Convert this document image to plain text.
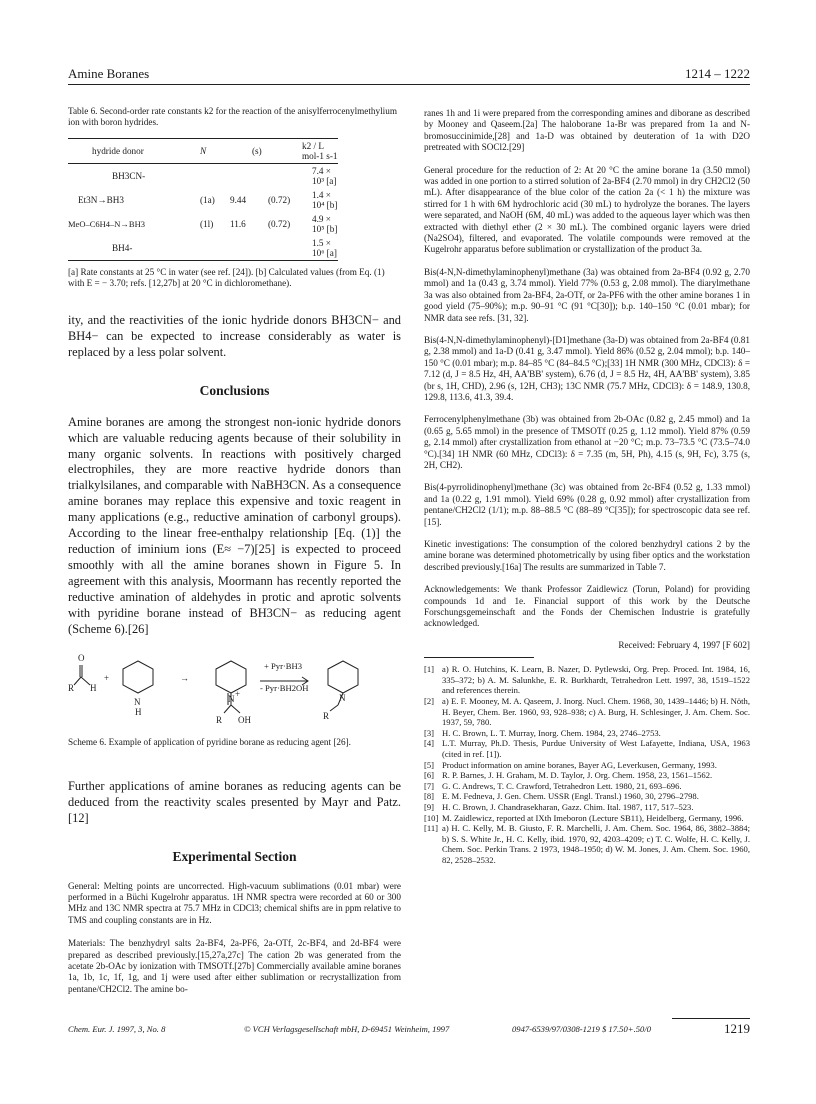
Amine Boranes	1214 – 1222

Table 6. Second-order rate constants k2 for the reaction of the anisylferrocenylmethylium ion with boron hydrides.

hydride donor	N	(s)	k2 / L mol-1 s-1
BH3CN-				7.4 × 10³ [a]
Et3N→BH3	(1a)	9.44	(0.72)	1.4 × 10⁴ [b]
MeO–C6H4–N→BH3	(1l)	11.6	(0.72)	4.9 × 10⁵ [b]
BH4-				1.5 × 10⁶ [a]

[a] Rate constants at 25 °C in water (see ref. [24]). [b] Calculated values (from Eq. (1) with E = − 3.70; refs. [12,27b] at 20 °C in dichloromethane).

ity, and the reactivities of the ionic hydride donors BH3CN− and BH4− can be expected to increase considerably as water is replaced by a less polar solvent.

Conclusions

Amine boranes are among the strongest non-ionic hydride donors which are valuable reducing agents because of their solubility in many organic solvents. In reactions with positively charged electrophiles, they are more reactive hydride donors than trialkylsilanes, and comparable with NaBH3CN. As a consequence amine boranes may replace this expensive and toxic reagent in many applications (e.g., reductive amination of carbonyl groups). According to the linear free-enthalpy relationship [Eq. (1)] the reduction of iminium ions (E≈ −7)[25] is expected to proceed smoothly with all the amine boranes shown in Figure 5. In agreement with this analysis, Moormann has recently reported the reductive amination of aldehydes in protic and aprotic solvents with pyridine borane instead of BH3CN− as reducing agent (Scheme 6).[26]

O
R H
+
N
H
→
N +
R OH
N
R
+ Pyr·BH3
- Pyr·BH2OH

Scheme 6. Example of application of pyridine borane as reducing agent [26].

Further applications of amine boranes as reducing agents can be deduced from the reactivity scales presented by Mayr and Patz.[12]

Experimental Section

General: Melting points are uncorrected. High-vacuum sublimations (0.01 mbar) were performed in a Büchi Kugelrohr apparatus. 1H NMR spectra were recorded at 60 or 300 MHz and 13C NMR spectra at 75.7 MHz in CDCl3; chemical shifts are in ppm relative to TMS and coupling constants are in Hz.

Materials: The benzhydryl salts 2a-BF4, 2a-PF6, 2a-OTf, 2c-BF4, and 2d-BF4 were prepared as described previously.[15,27a,27c] The cation 2b was generated from the acetate 2b-OAc by ionization with TMSOTf.[27b] Commercially available amine boranes 1a, 1b, 1c, 1f, 1g, and 1j were used after either sublimation or recrystallization from pentane/CH2Cl2. The amine bo-

ranes 1h and 1i were prepared from the corresponding amines and diborane as described by Mooney and Qaseem.[2a] The haloborane 1a-Br was prepared from 1a and N-bromosuccinimide,[28] and 1a-D was obtained by deuteration of 1a with D2O pretreated with SOCl2.[29]

General procedure for the reduction of 2: At 20 °C the amine borane 1a (3.50 mmol) was added in one portion to a stirred solution of 2a-BF4 (2.70 mmol) in dry CH2Cl2 (50 mL). After disappearance of the blue color of the cation 2a (< 1 h) the mixture was stirred for 1 h with 6M hydrochloric acid (30 mL) to hydrolyze the boranes. The layers were separated, and NaOH (6M, 40 mL) was added to the aqueous layer which was then extracted with diethyl ether (2 × 30 mL). The combined organic layers were dried (Na2SO4), filtered, and evaporated. The volatile compounds were removed at the Kugelrohr apparatus before sublimation or crystallization of the product 3a.

Bis(4-N,N-dimethylaminophenyl)methane (3a) was obtained from 2a-BF4 (0.92 g, 2.70 mmol) and 1a (0.43 g, 3.74 mmol). Yield 77% (0.53 g, 2.08 mmol). The diarylmethane 3a was also obtained from 2a-BF4, 2a-OTf, or 2a-PF6 with the other amine boranes 1 in good yield (75–90%); m.p. 90–91 °C (91 °C[30]); b.p. 140–150 °C (0.01 mbar); for NMR data see refs. [31, 32].

Bis(4-N,N-dimethylaminophenyl)-[D1]methane (3a-D) was obtained from 2a-BF4 (0.81 g, 2.38 mmol) and 1a-D (0.41 g, 3.47 mmol). Yield 86% (0.52 g, 2.04 mmol); b.p. 140–150 °C (0.01 mbar); m.p. 84–85 °C (84–84.5 °C);[33] 1H NMR (300 MHz, CDCl3): δ = 7.12 (d, J = 8.5 Hz, 4H, AA'BB' system), 6.76 (d, J = 8.5 Hz, 4H, AA'BB' system), 3.85 (br s, 1H, CHD), 2.96 (s, 12H, CH3); 13C NMR (75.7 MHz, CDCl3): δ = 148.9, 130.8, 129.8, 113.6, 41.3, 39.4.

Ferrocenylphenylmethane (3b) was obtained from 2b-OAc (0.82 g, 2.45 mmol) and 1a (0.65 g, 5.65 mmol) in the presence of TMSOTf (0.25 g, 1.12 mmol). Yield 87% (0.59 g, 2.14 mmol) after crystallization from ethanol at −20 °C; m.p. 73–73.5 °C (73.5–74.0 °C).[34] 1H NMR (60 MHz, CDCl3): δ = 7.35 (m, 5H, Ph), 4.15 (s, 9H, Fc), 3.75 (s, 2H, CH2).

Bis(4-pyrrolidinophenyl)methane (3c) was obtained from 2c-BF4 (0.52 g, 1.33 mmol) and 1a (0.22 g, 1.91 mmol). Yield 69% (0.28 g, 0.92 mmol) after crystallization from pentane/CH2Cl2 (1/1); m.p. 88–88.5 °C (88–89 °C[35]); for spectroscopic data see ref. [15].

Kinetic investigations: The consumption of the colored benzhydryl cations 2 by the amine borane was determined photometrically by using fiber optics and the workstation described previously.[16a] The results are summarized in Table 7.

Acknowledgements: We thank Professor Zaidlewicz (Torun, Poland) for providing compounds 1d and 1e. Financial support of this work by the Deutsche Forschungsgemeinschaft and the Fonds der Chemischen Industrie is gratefully acknowledged.

Received: February 4, 1997 [F 602]

[1] a) R. O. Hutchins, K. Learn, B. Nazer, D. Pytlewski, Org. Prep. Proced. Int. 1984, 16, 335–372; b) A. M. Salunkhe, E. R. Burkhardt, Tetrahedron Lett. 1997, 38, 1519–1522 and references therein.
[2] a) E. F. Mooney, M. A. Qaseem, J. Inorg. Nucl. Chem. 1968, 30, 1439–1446; b) H. Nöth, H. Beyer, Chem. Ber. 1960, 93, 928–938; c) A. Burg, H. Schlesinger, J. Am. Chem. Soc. 1937, 59, 780.
[3] H. C. Brown, L. T. Murray, Inorg. Chem. 1984, 23, 2746–2753.
[4] L.T. Murray, Ph.D. Thesis, Purdue University of West Lafayette, Indiana, USA, 1963 (cited in ref. [1]).
[5] Product information on amine boranes, Bayer AG, Leverkusen, Germany, 1993.
[6] R. P. Barnes, J. H. Graham, M. D. Taylor, J. Org. Chem. 1958, 23, 1561–1562.
[7] G. C. Andrews, T. C. Crawford, Tetrahedron Lett. 1980, 21, 693–696.
[8] E. M. Fedneva, J. Gen. Chem. USSR (Engl. Transl.) 1960, 30, 2796–2798.
[9] H. C. Brown, J. Chandrasekharan, Gazz. Chim. Ital. 1987, 117, 517–523.
[10] M. Zaidlewicz, reported at IXth Imeboron (Lecture SB11), Heidelberg, Germany, 1996.
[11] a) H. C. Kelly, M. B. Giusto, F. R. Marchelli, J. Am. Chem. Soc. 1964, 86, 3882–3884; b) S. S. White Jr., H. C. Kelly, ibid. 1970, 92, 4203–4209; c) T. C. Wolfe, H. C. Kelly, J. Chem. Soc. Perkin Trans. 2 1973, 1948–1950; d) W. M. Jones, J. Am. Chem. Soc. 1960, 82, 2528–2532.
Chem. Eur. J. 1997, 3, No. 8	© VCH Verlagsgesellschaft mbH, D-69451 Weinheim, 1997	0947-6539/97/0308-1219 $ 17.50+.50/0	1219
